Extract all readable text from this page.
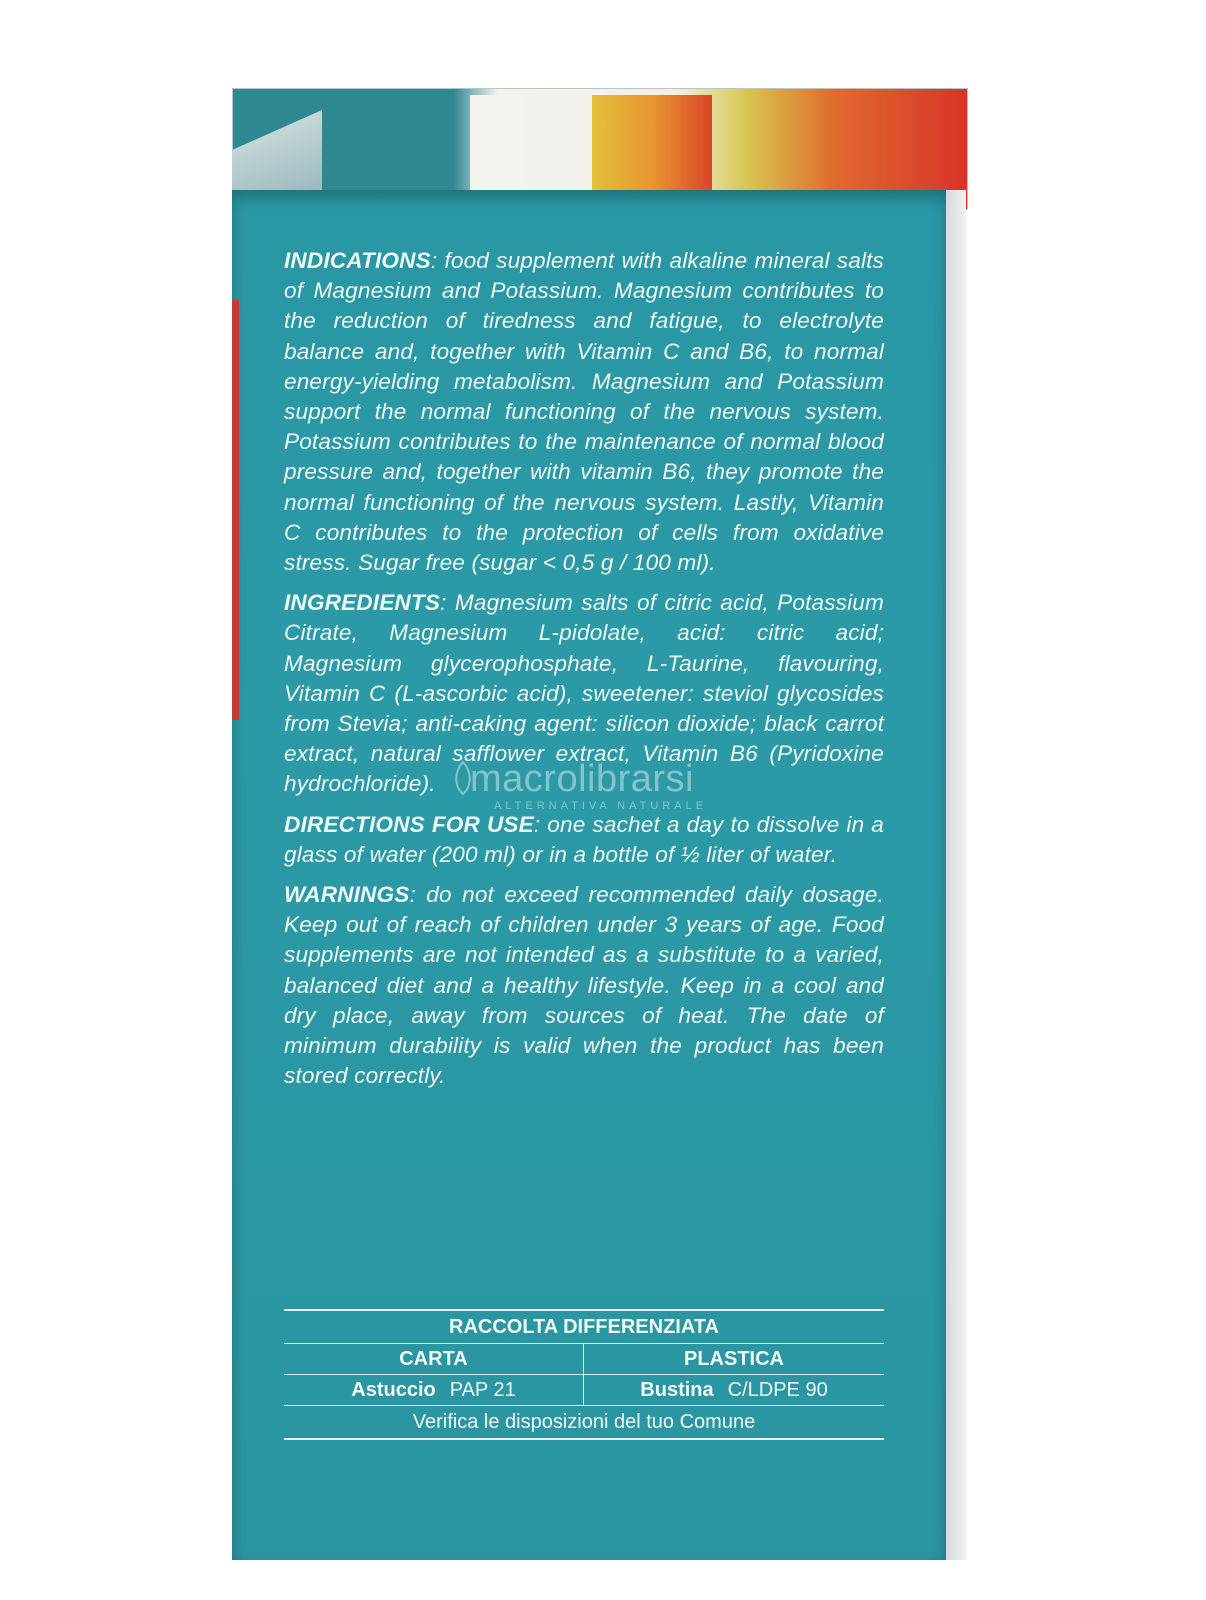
INDICATIONS: food supplement with alkaline mineral salts of Magnesium and Potassium. Magnesium contributes to the reduction of tiredness and fatigue, to electrolyte balance and, together with Vitamin C and B6, to normal energy-yielding metabolism. Magnesium and Potassium support the normal functioning of the nervous system. Potassium contributes to the maintenance of normal blood pressure and, together with vitamin B6, they promote the normal functioning of the nervous system. Lastly, Vitamin C contributes to the protection of cells from oxidative stress. Sugar free (sugar < 0,5 g / 100 ml).

INGREDIENTS: Magnesium salts of citric acid, Potassium Citrate, Magnesium L-pidolate, acid: citric acid; Magnesium glycerophosphate, L-Taurine, flavouring, Vitamin C (L-ascorbic acid), sweetener: steviol glycosides from Stevia; anti-caking agent: silicon dioxide; black carrot extract, natural safflower extract, Vitamin B6 (Pyridoxine hydrochloride).

DIRECTIONS FOR USE: one sachet a day to dissolve in a glass of water (200 ml) or in a bottle of ½ liter of water.

WARNINGS: do not exceed recommended daily dosage. Keep out of reach of children under 3 years of age. Food supplements are not intended as a substitute to a varied, balanced diet and a healthy lifestyle. Keep in a cool and dry place, away from sources of heat. The date of minimum durability is valid when the product has been stored correctly.

macrolibrarsi
ALTERNATIVA NATURALE
RACCOLTA DIFFERENZIATA
CARTA	PLASTICA
Astuccio PAP 21	Bustina C/LDPE 90
Verifica le disposizioni del tuo Comune
